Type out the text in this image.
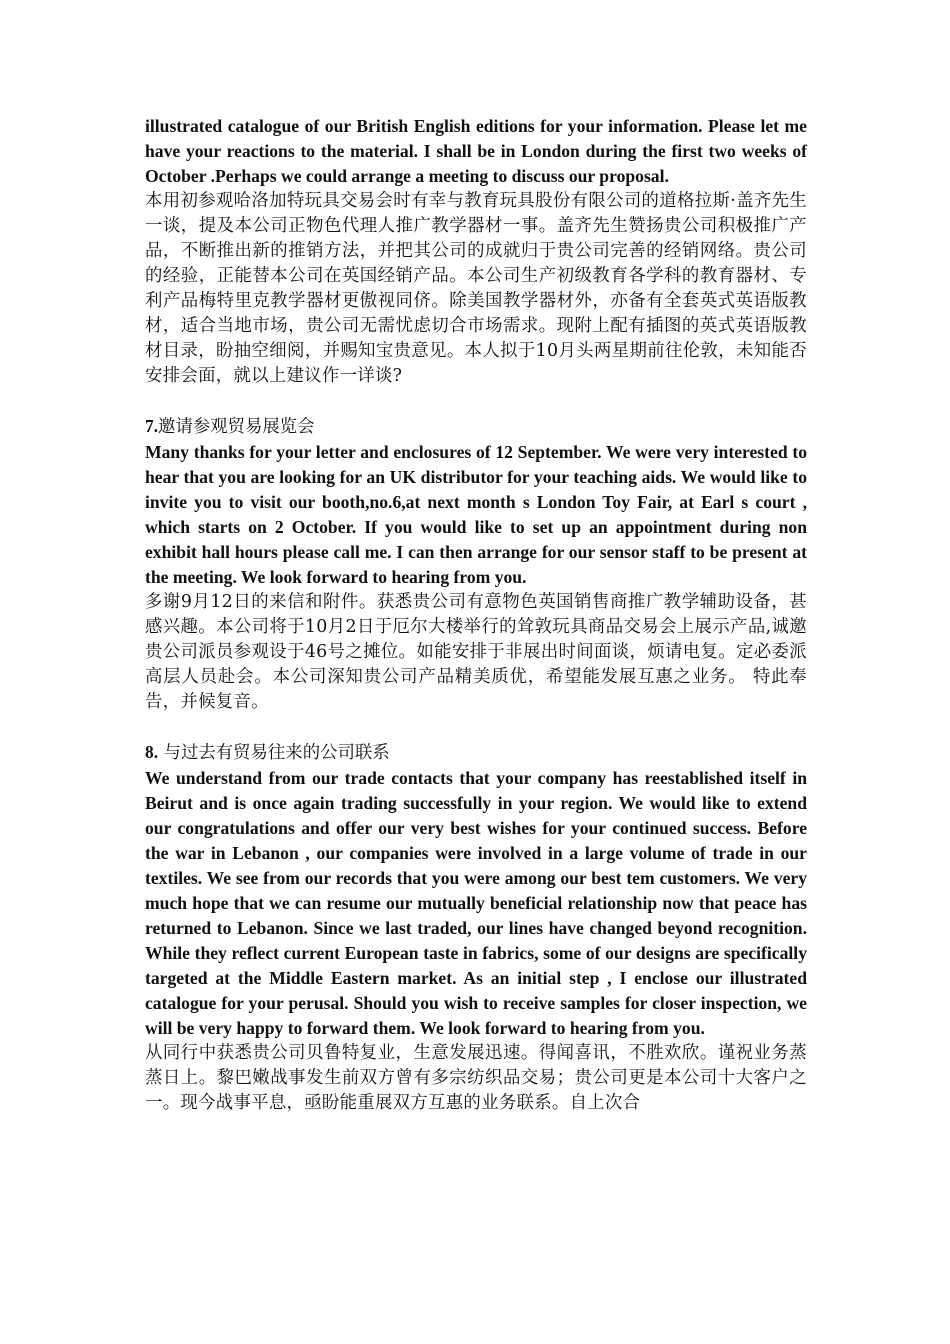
illustrated catalogue of our British English editions for your information. Please let me have your reactions to the material. I shall be in London during the first two weeks of October .Perhaps we could arrange a meeting to discuss our proposal.

本用初参观哈洛加特玩具交易会时有幸与教育玩具股份有限公司的道格拉斯·盖齐先生一谈，提及本公司正物色代理人推广教学器材一事。盖齐先生赞扬贵公司积极推广产品，不断推出新的推销方法，并把其公司的成就归于贵公司完善的经销网络。贵公司的经验，正能替本公司在英国经销产品。本公司生产初级教育各学科的教育器材、专利产品梅特里克教学器材更傲视同侪。除美国教学器材外，亦备有全套英式英语版教材，适合当地市场，贵公司无需忧虑切合市场需求。现附上配有插图的英式英语版教材目录，盼抽空细阅，并赐知宝贵意见。本人拟于10月头两星期前往伦敦，未知能否安排会面，就以上建议作一详谈?

7.邀请参观贸易展览会

Many thanks for your letter and enclosures of 12 September. We were very interested to hear that you are looking for an UK distributor for your teaching aids. We would like to invite you to visit our booth,no.6,at next month s London Toy Fair, at Earl s court , which starts on 2 October. If you would like to set up an appointment during non exhibit hall hours please call me. I can then arrange for our sensor staff to be present at the meeting. We look forward to hearing from you.

多谢9月12日的来信和附件。获悉贵公司有意物色英国销售商推广教学辅助设备，甚感兴趣。本公司将于10月2日于厄尔大楼举行的耸敦玩具商品交易会上展示产品,诚邀贵公司派员参观设于46号之摊位。如能安排于非展出时间面谈，烦请电复。定必委派高层人员赴会。本公司深知贵公司产品精美质优，希望能发展互惠之业务。 特此奉告，并候复音。

8. 与过去有贸易往来的公司联系

We understand from our trade contacts that your company has reestablished itself in Beirut and is once again trading successfully in your region. We would like to extend our congratulations and offer our very best wishes for your continued success. Before the war in Lebanon , our companies were involved in a large volume of trade in our textiles. We see from our records that you were among our best tem customers. We very much hope that we can resume our mutually beneficial relationship now that peace has returned to Lebanon. Since we last traded, our lines have changed beyond recognition. While they reflect current European taste in fabrics, some of our designs are specifically targeted at the Middle Eastern market. As an initial step , I enclose our illustrated catalogue for your perusal. Should you wish to receive samples for closer inspection, we will be very happy to forward them. We look forward to hearing from you.

从同行中获悉贵公司贝鲁特复业，生意发展迅速。得闻喜讯，不胜欢欣。谨祝业务蒸蒸日上。黎巴嫩战事发生前双方曾有多宗纺织品交易；贵公司更是本公司十大客户之一。现今战事平息，亟盼能重展双方互惠的业务联系。自上次合
